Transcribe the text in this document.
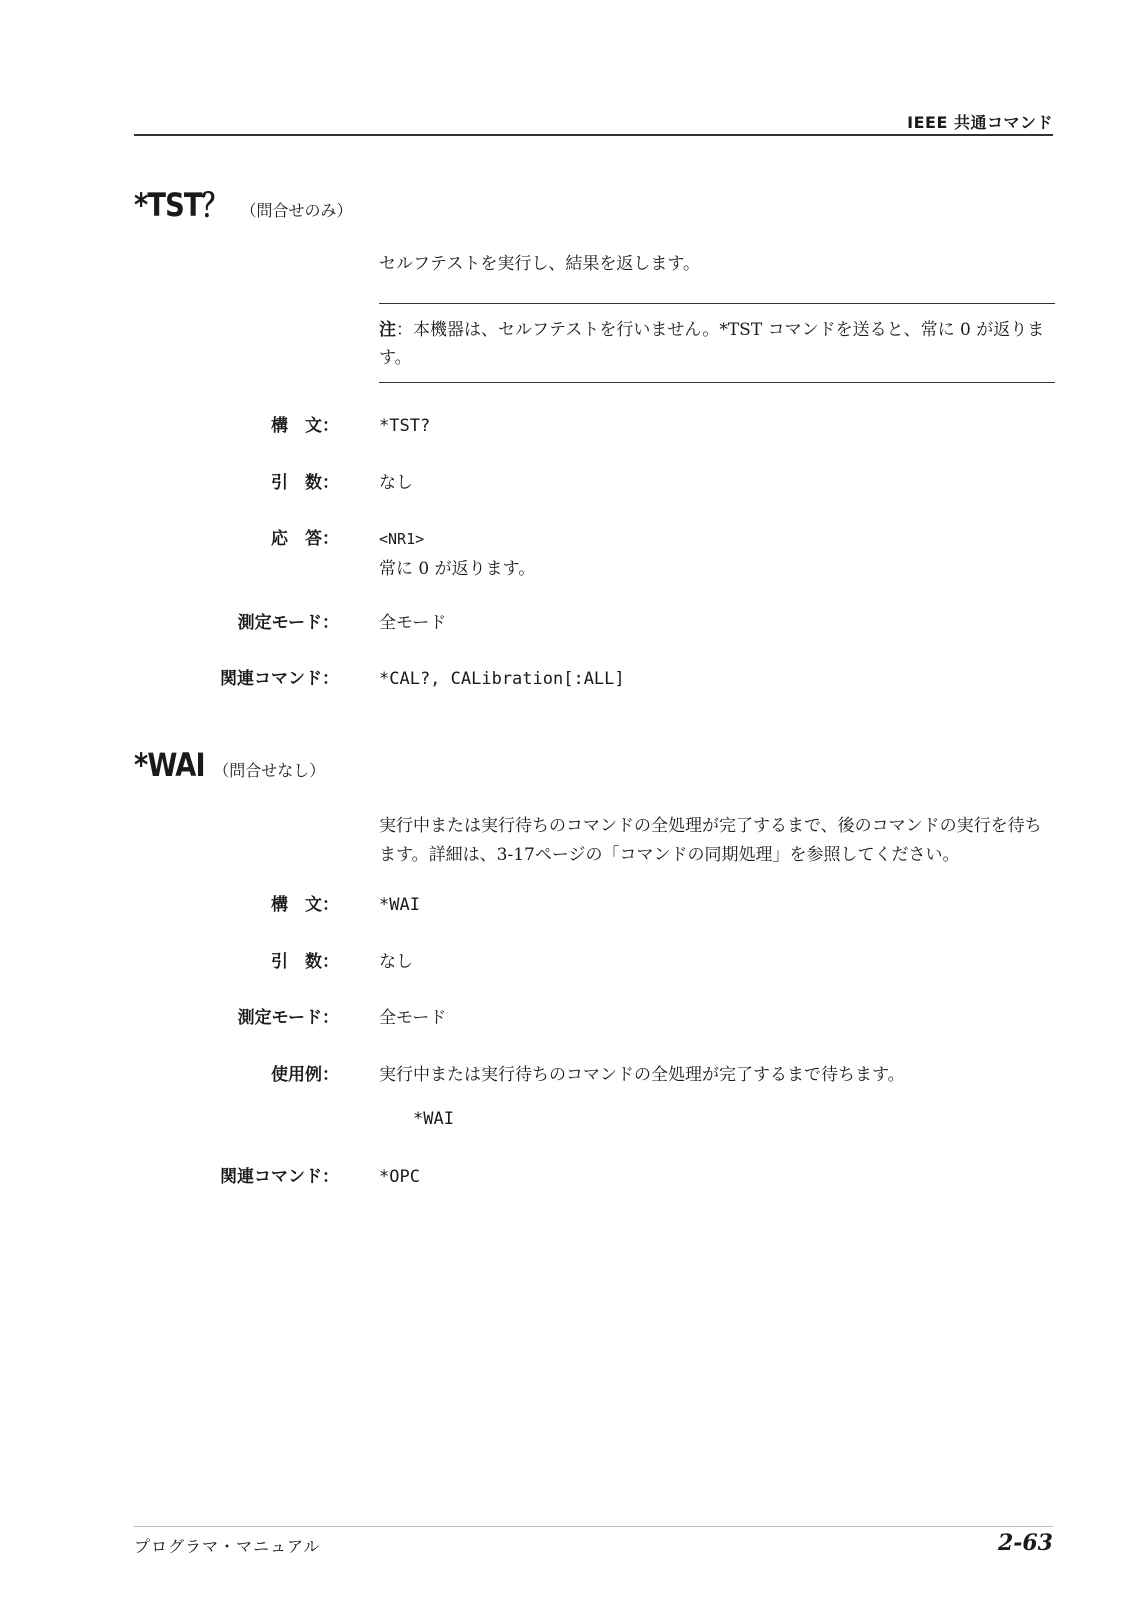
IEEE 共通コマンド
*TST？ （問合せのみ）
セルフテストを実行し、結果を返します。
注：本機器は、セルフテストを行いません。*TST コマンドを送ると、常に 0 が返ります。
構　文： *TST?
引　数： なし
応　答：	<NR1>
常に 0 が返ります。
測定モード： 全モード
関連コマンド： *CAL?, CALibration[:ALL]
*WAI （問合せなし）
実行中または実行待ちのコマンドの全処理が完了するまで、後のコマンドの実行を待ちます。詳細は、3-17ページの「コマンドの同期処理」を参照してください。
構　文： *WAI
引　数： なし
測定モード： 全モード
使用例： 実行中または実行待ちのコマンドの全処理が完了するまで待ちます。
*WAI
関連コマンド： *OPC
プログラマ・マニュアル	2-63
